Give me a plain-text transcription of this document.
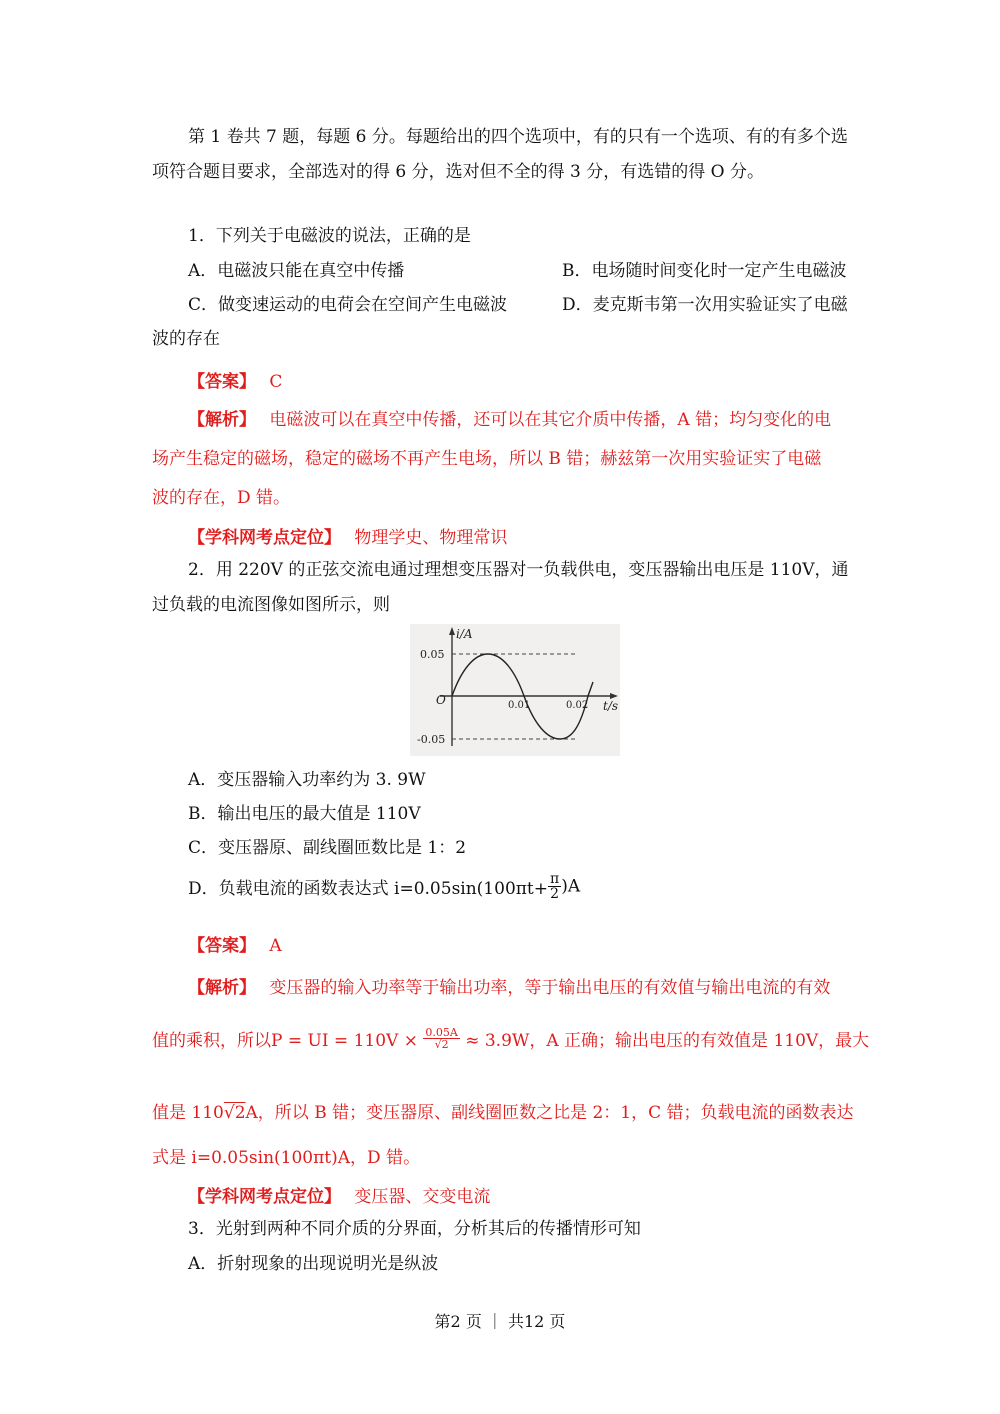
第 1 卷共 7 题，每题 6 分。每题给出的四个选项中，有的只有一个选项、有的有多个选
项符合题目要求，全部选对的得 6 分，选对但不全的得 3 分，有选错的得 O 分。
1．下列关于电磁波的说法，正确的是
A．电磁波只能在真空中传播	B．电场随时间变化时一定产生电磁波
C．做变速运动的电荷会在空间产生电磁波	D．麦克斯韦第一次用实验证实了电磁
波的存在
【答案】 C
【解析】 电磁波可以在真空中传播，还可以在其它介质中传播，A 错；均匀变化的电
场产生稳定的磁场，稳定的磁场不再产生电场，所以 B 错；赫兹第一次用实验证实了电磁
波的存在，D 错。
【学科网考点定位】 物理学史、物理常识
2．用 220V 的正弦交流电通过理想变压器对一负载供电，变压器输出电压是 110V，通
过负载的电流图像如图所示，则
i/A
t/s
O
0.05
-0.05
0.01	0.02
A．变压器输入功率约为 3. 9W
B．输出电压的最大值是 110V
C．变压器原、副线圈匝数比是 1：2
D．负载电流的函数表达式 $i=0.05\sin(100\pi t+ \frac{\pi}{2} )A$
【答案】 A
【解析】 变压器的输入功率等于输出功率，等于输出电压的有效值与输出电流的有效
值的乘积，所以P = UI = $110V \times \frac{0.05A}{√2} \approx 3.9W$，A 正确；输出电压的有效值是 110V，最大
值是 110√2A，所以 B 错；变压器原、副线圈匝数之比是 2：1，C 错；负载电流的函数表达
式是 i=0.05sin(100πt)A，D 错。
【学科网考点定位】 变压器、交变电流
3．光射到两种不同介质的分界面，分析其后的传播情形可知
A．折射现象的出现说明光是纵波
第2 页 ｜ 共12 页
